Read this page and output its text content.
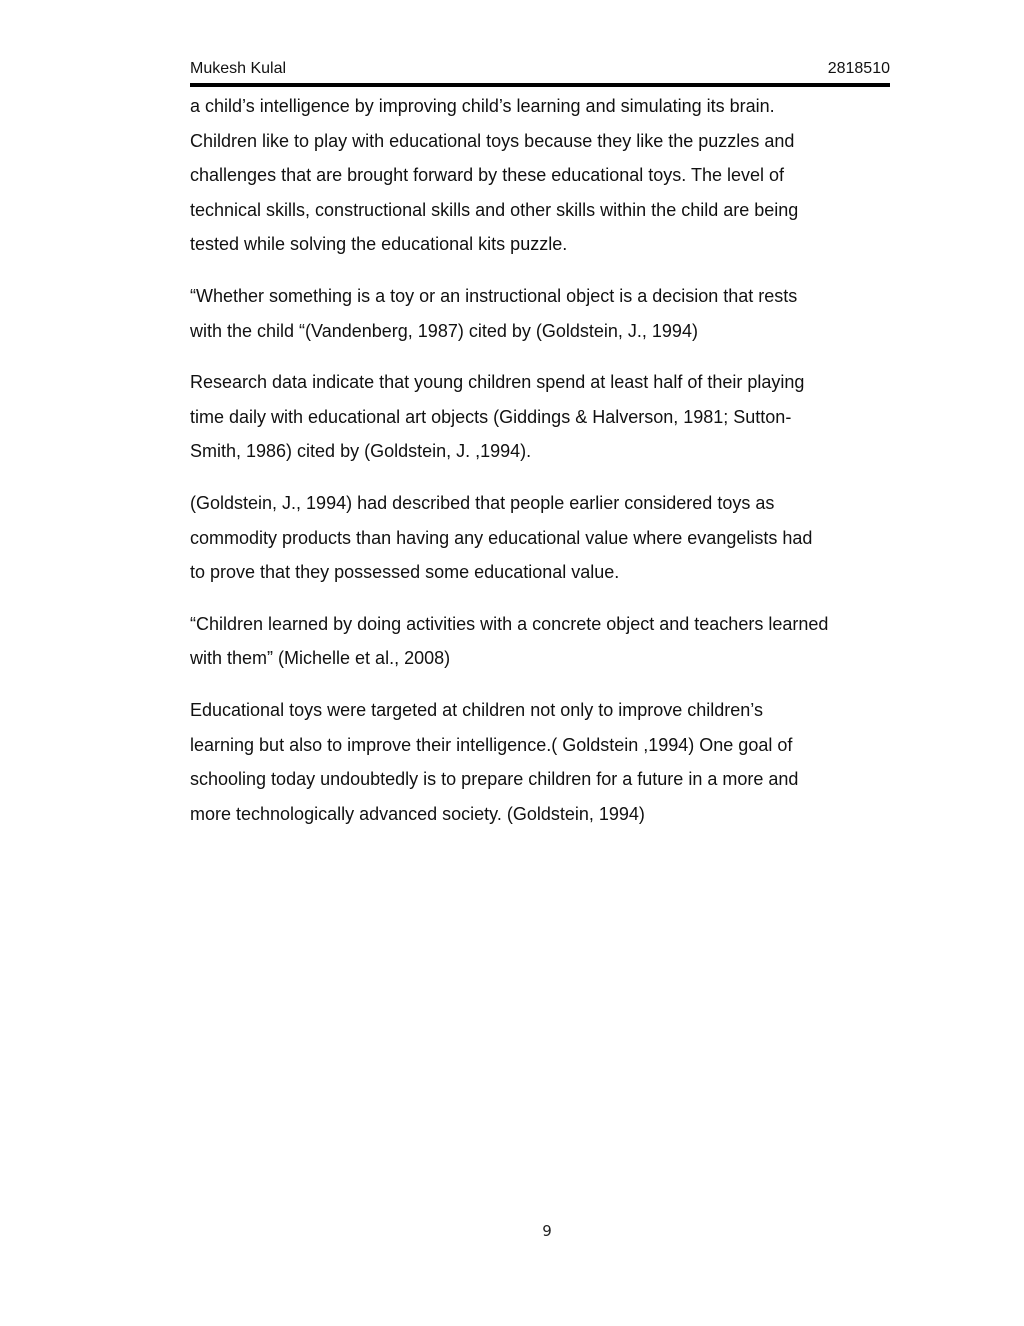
Mukesh Kulal	2818510

a child’s intelligence by improving child’s learning and simulating its brain.
Children like to play with educational toys because they like the puzzles and
challenges that are brought forward by these educational toys. The level of
technical skills, constructional skills and other skills within the child are being
tested while solving the educational kits puzzle.

“Whether something is a toy or an instructional object is a decision that rests
with the child “(Vandenberg, 1987) cited by (Goldstein, J., 1994)

Research data indicate that young children spend at least half of their playing
time daily with educational art objects (Giddings & Halverson, 1981; Sutton-
Smith, 1986) cited by (Goldstein, J. ,1994).

(Goldstein, J., 1994) had described that people earlier considered toys as
commodity products than having any educational value where evangelists had
to prove that they possessed some educational value.

“Children learned by doing activities with a concrete object and teachers learned
with them” (Michelle et al., 2008)

Educational toys were targeted at children not only to improve children’s
learning but also to improve their intelligence.( Goldstein ,1994) One goal of
schooling today undoubtedly is to prepare children for a future in a more and
more technologically advanced society. (Goldstein, 1994)

9
